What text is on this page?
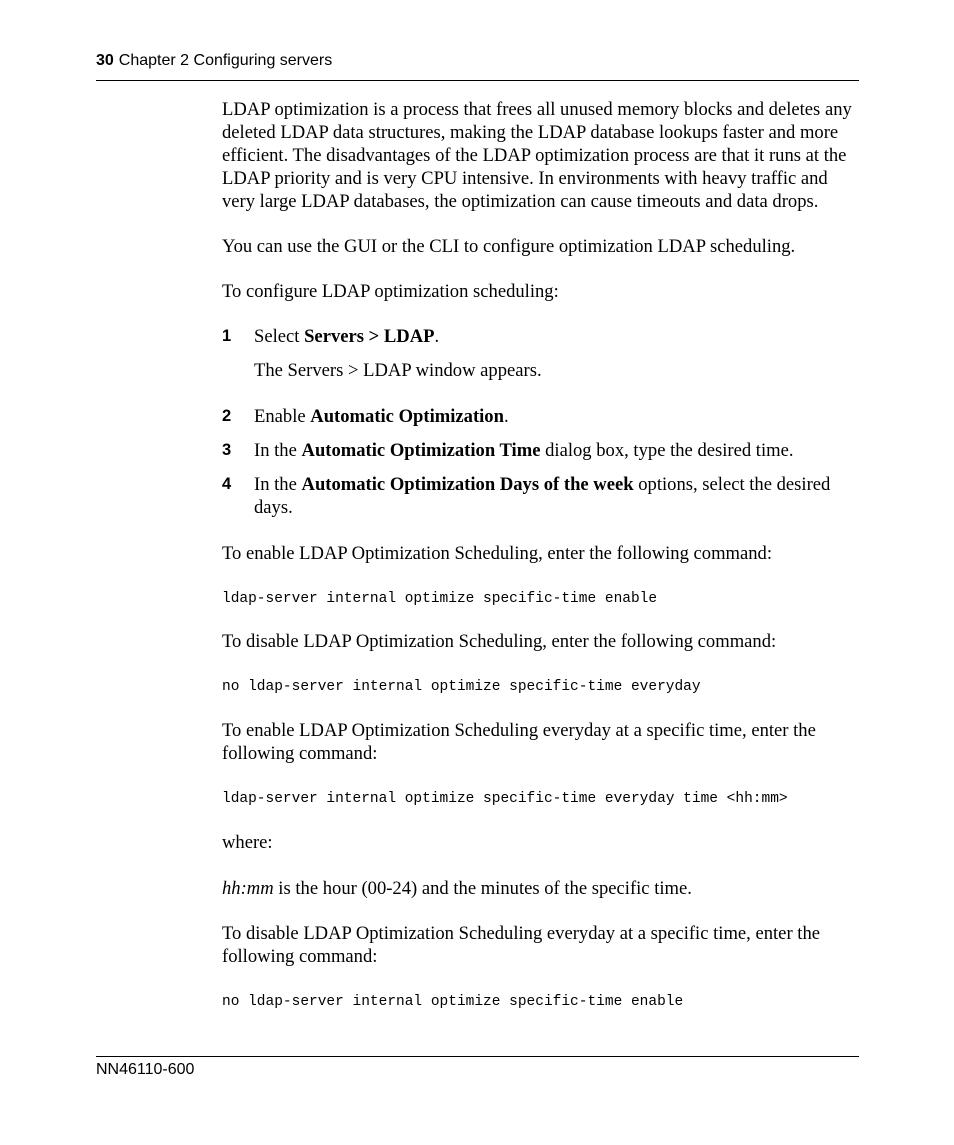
30 Chapter 2 Configuring servers

LDAP optimization is a process that frees all unused memory blocks and deletes any deleted LDAP data structures, making the LDAP database lookups faster and more efficient. The disadvantages of the LDAP optimization process are that it runs at the LDAP priority and is very CPU intensive. In environments with heavy traffic and very large LDAP databases, the optimization can cause timeouts and data drops.

You can use the GUI or the CLI to configure optimization LDAP scheduling.

To configure LDAP optimization scheduling:

1	Select Servers > LDAP.

The Servers > LDAP window appears.

2	Enable Automatic Optimization.
3	In the Automatic Optimization Time dialog box, type the desired time.
4	In the Automatic Optimization Days of the week options, select the desired days.

To enable LDAP Optimization Scheduling, enter the following command:

ldap-server internal optimize specific-time enable

To disable LDAP Optimization Scheduling, enter the following command:

no ldap-server internal optimize specific-time everyday

To enable LDAP Optimization Scheduling everyday at a specific time, enter the following command:

ldap-server internal optimize specific-time everyday time <hh:mm>

where:

hh:mm is the hour (00-24) and the minutes of the specific time.

To disable LDAP Optimization Scheduling everyday at a specific time, enter the following command:

no ldap-server internal optimize specific-time enable
NN46110-600
